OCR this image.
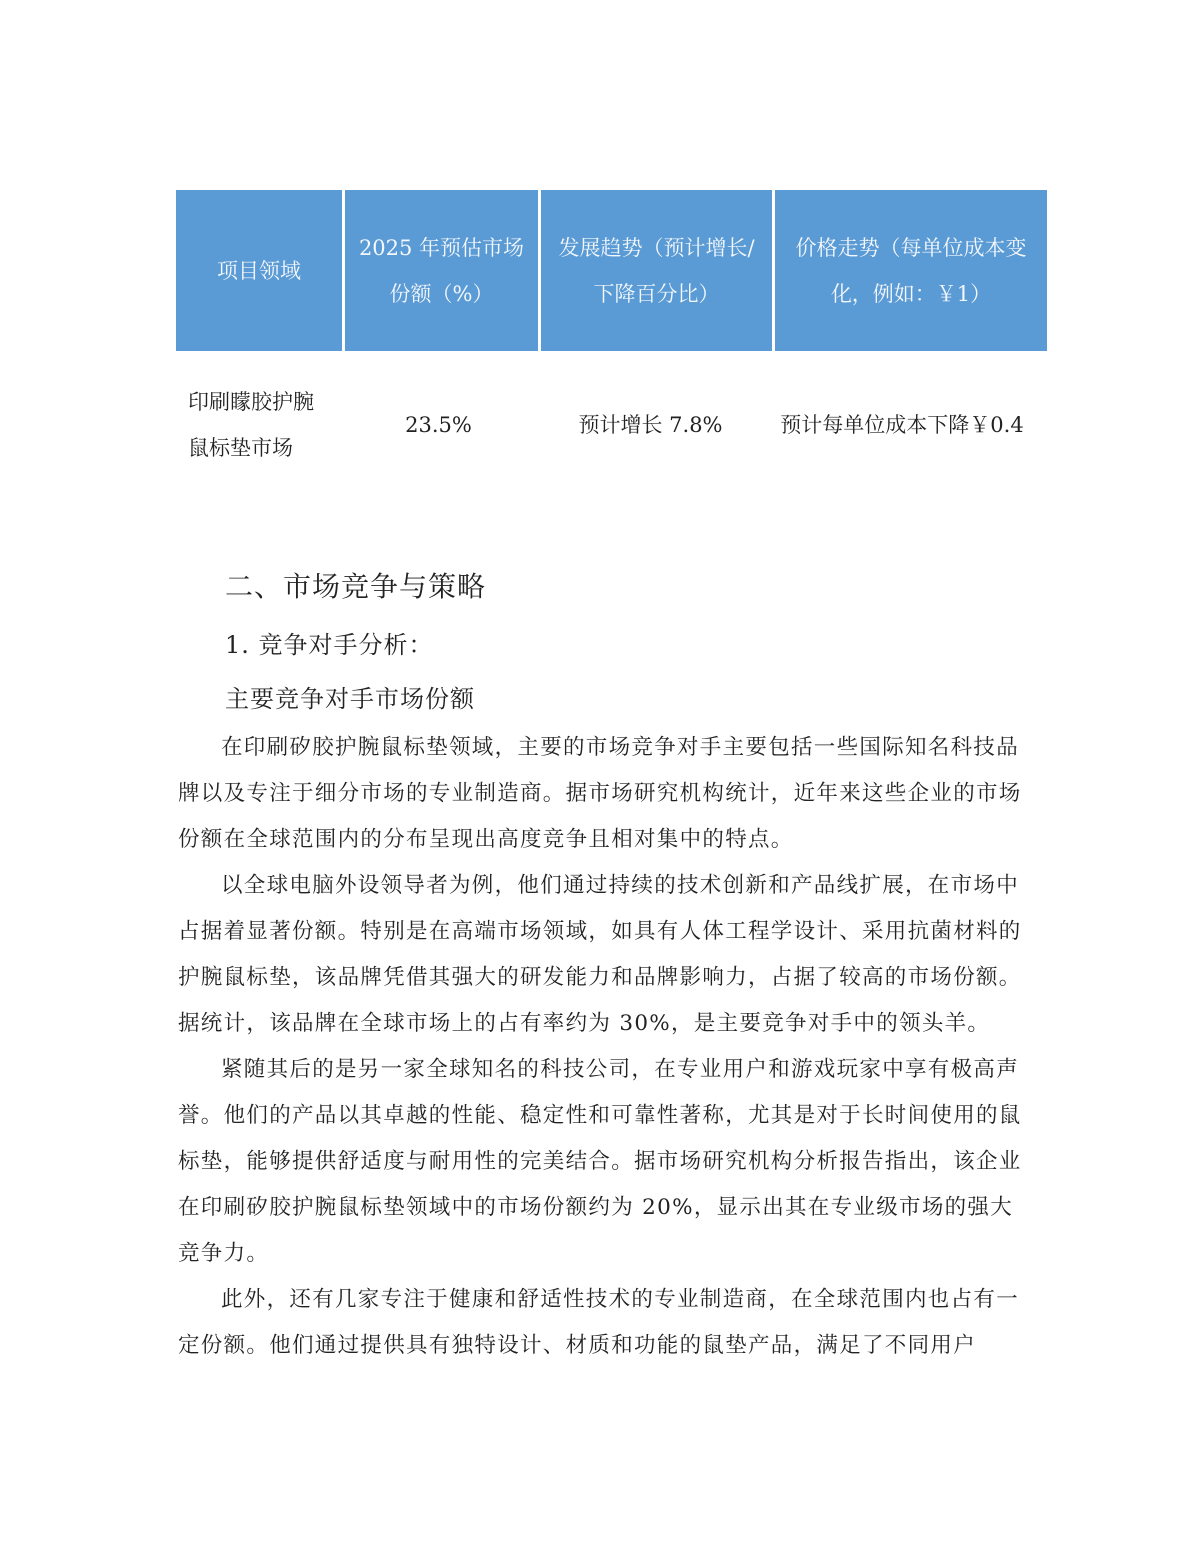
项目领域
2025 年预估市场份额（%）
发展趋势（预计增长/下降百分比）
价格走势（每单位成本变化，例如：￥1）
印刷矇胶护腕鼠标垫市场
23.5%	预计增长 7.8%	预计每单位成本下降￥0.4
二、市场竞争与策略
1. 竞争对手分析：
主要竞争对手市场份额

在印刷矽胶护腕鼠标垫领域，主要的市场竞争对手主要包括一些国际知名科技品牌以及专注于细分市场的专业制造商。据市场研究机构统计，近年来这些企业的市场份额在全球范围内的分布呈现出高度竞争且相对集中的特点。

以全球电脑外设领导者为例，他们通过持续的技术创新和产品线扩展，在市场中占据着显著份额。特别是在高端市场领域，如具有人体工程学设计、采用抗菌材料的护腕鼠标垫，该品牌凭借其强大的研发能力和品牌影响力，占据了较高的市场份额。据统计，该品牌在全球市场上的占有率约为 30%，是主要竞争对手中的领头羊。

紧随其后的是另一家全球知名的科技公司，在专业用户和游戏玩家中享有极高声誉。他们的产品以其卓越的性能、稳定性和可靠性著称，尤其是对于长时间使用的鼠标垫，能够提供舒适度与耐用性的完美结合。据市场研究机构分析报告指出，该企业在印刷矽胶护腕鼠标垫领域中的市场份额约为 20%，显示出其在专业级市场的强大竞争力。

此外，还有几家专注于健康和舒适性技术的专业制造商，在全球范围内也占有一定份额。他们通过提供具有独特设计、材质和功能的鼠垫产品，满足了不同用户
